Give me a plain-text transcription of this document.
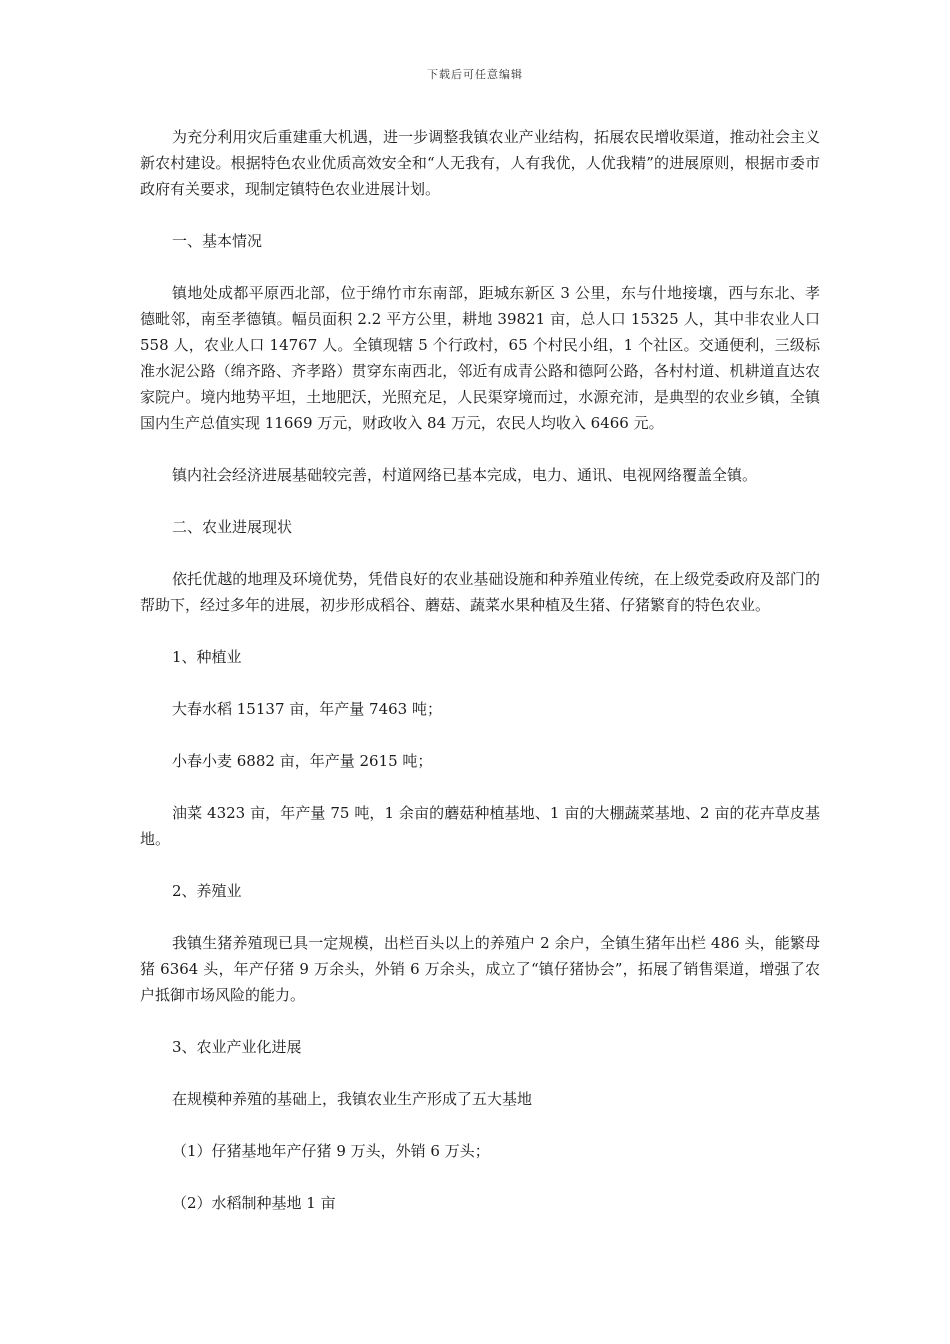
下载后可任意编辑

为充分利用灾后重建重大机遇，进一步调整我镇农业产业结构，拓展农民增收渠道，推动社会主义新农村建设。根据特色农业优质高效安全和“人无我有，人有我优，人优我精”的进展原则，根据市委市政府有关要求，现制定镇特色农业进展计划。

一、基本情况

镇地处成都平原西北部，位于绵竹市东南部，距城东新区 3 公里，东与什地接壤，西与东北、孝德毗邻，南至孝德镇。幅员面积 2.2 平方公里，耕地 39821 亩，总人口 15325 人，其中非农业人口 558 人，农业人口 14767 人。全镇现辖 5 个行政村，65 个村民小组，1 个社区。交通便利，三级标准水泥公路（绵齐路、齐孝路）贯穿东南西北，邻近有成青公路和德阿公路，各村村道、机耕道直达农家院户。境内地势平坦，土地肥沃，光照充足，人民渠穿境而过，水源充沛，是典型的农业乡镇，全镇国内生产总值实现 11669 万元，财政收入 84 万元，农民人均收入 6466 元。

镇内社会经济进展基础较完善，村道网络已基本完成，电力、通讯、电视网络覆盖全镇。

二、农业进展现状

依托优越的地理及环境优势，凭借良好的农业基础设施和种养殖业传统，在上级党委政府及部门的帮助下，经过多年的进展，初步形成稻谷、蘑菇、蔬菜水果种植及生猪、仔猪繁育的特色农业。

1、种植业

大春水稻 15137 亩，年产量 7463 吨；

小春小麦 6882 亩，年产量 2615 吨；

油菜 4323 亩，年产量 75 吨，1 余亩的蘑菇种植基地、1 亩的大棚蔬菜基地、2 亩的花卉草皮基地。

2、养殖业

我镇生猪养殖现已具一定规模，出栏百头以上的养殖户 2 余户，全镇生猪年出栏 486 头，能繁母猪 6364 头，年产仔猪 9 万余头，外销 6 万余头，成立了“镇仔猪协会”，拓展了销售渠道，增强了农户抵御市场风险的能力。

3、农业产业化进展

在规模种养殖的基础上，我镇农业生产形成了五大基地

（1）仔猪基地年产仔猪 9 万头，外销 6 万头；

（2）水稻制种基地 1 亩
